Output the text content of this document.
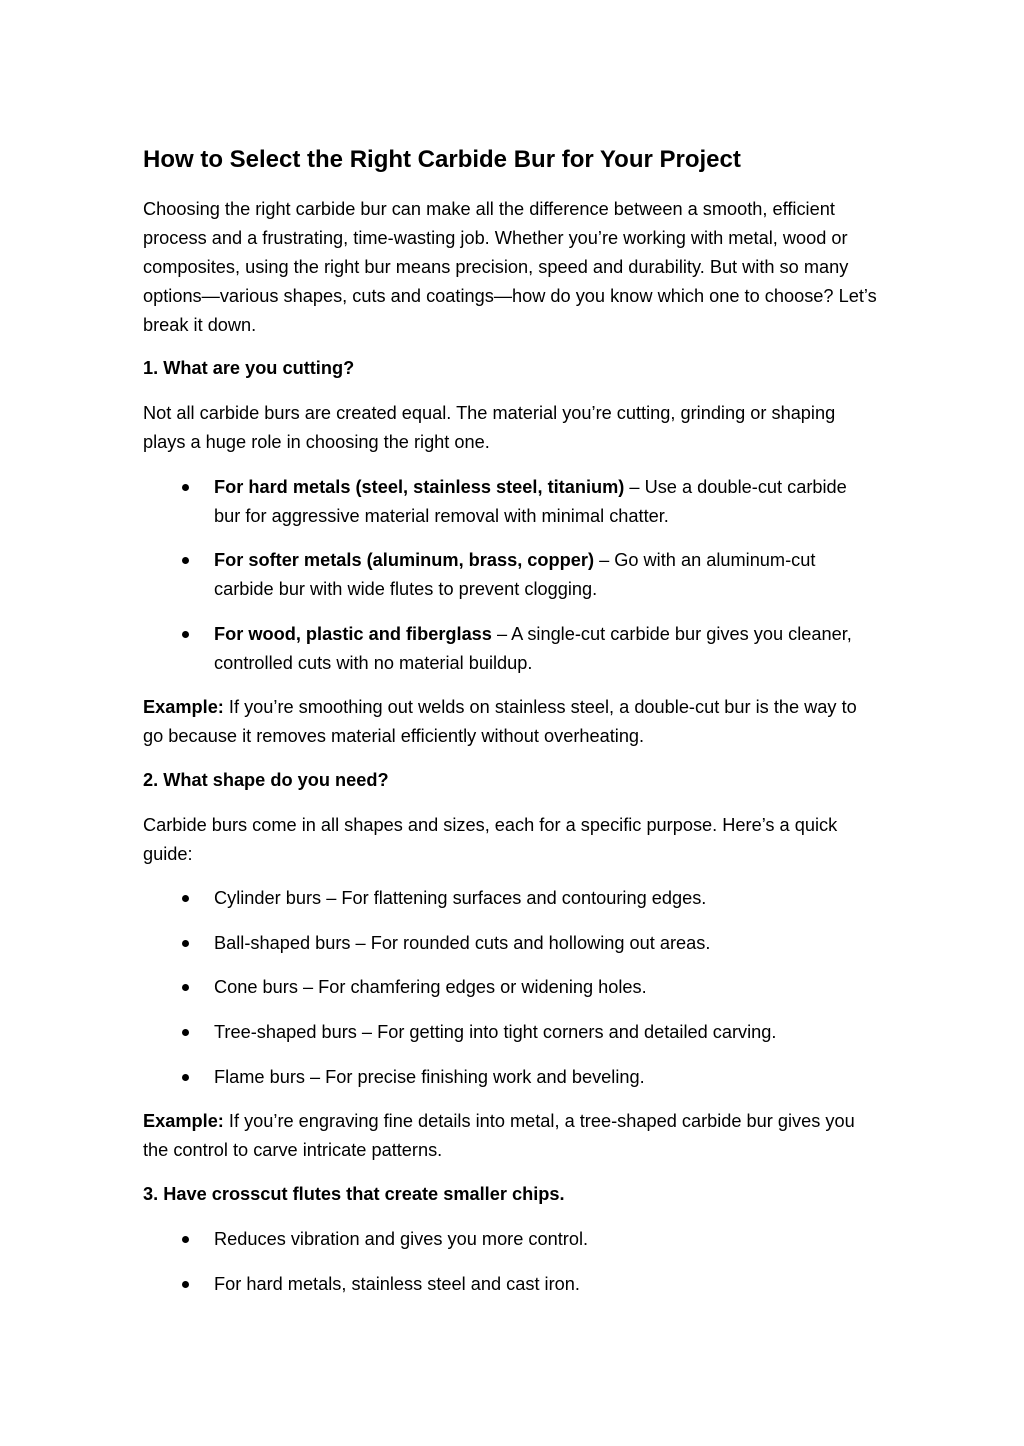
How to Select the Right Carbide Bur for Your Project

Choosing the right carbide bur can make all the difference between a smooth, efficient process and a frustrating, time-wasting job. Whether you’re working with metal, wood or composites, using the right bur means precision, speed and durability. But with so many options—various shapes, cuts and coatings—how do you know which one to choose? Let’s break it down.

1. What are you cutting?

Not all carbide burs are created equal. The material you’re cutting, grinding or shaping plays a huge role in choosing the right one.

For hard metals (steel, stainless steel, titanium) – Use a double-cut carbide bur for aggressive material removal with minimal chatter.
For softer metals (aluminum, brass, copper) – Go with an aluminum-cut carbide bur with wide flutes to prevent clogging.
For wood, plastic and fiberglass – A single-cut carbide bur gives you cleaner, controlled cuts with no material buildup.

Example: If you’re smoothing out welds on stainless steel, a double-cut bur is the way to go because it removes material efficiently without overheating.

2. What shape do you need?

Carbide burs come in all shapes and sizes, each for a specific purpose. Here’s a quick guide:

Cylinder burs – For flattening surfaces and contouring edges.
Ball-shaped burs – For rounded cuts and hollowing out areas.
Cone burs – For chamfering edges or widening holes.
Tree-shaped burs – For getting into tight corners and detailed carving.
Flame burs – For precise finishing work and beveling.

Example: If you’re engraving fine details into metal, a tree-shaped carbide bur gives you the control to carve intricate patterns.

3. Have crosscut flutes that create smaller chips.

Reduces vibration and gives you more control.
For hard metals, stainless steel and cast iron.
